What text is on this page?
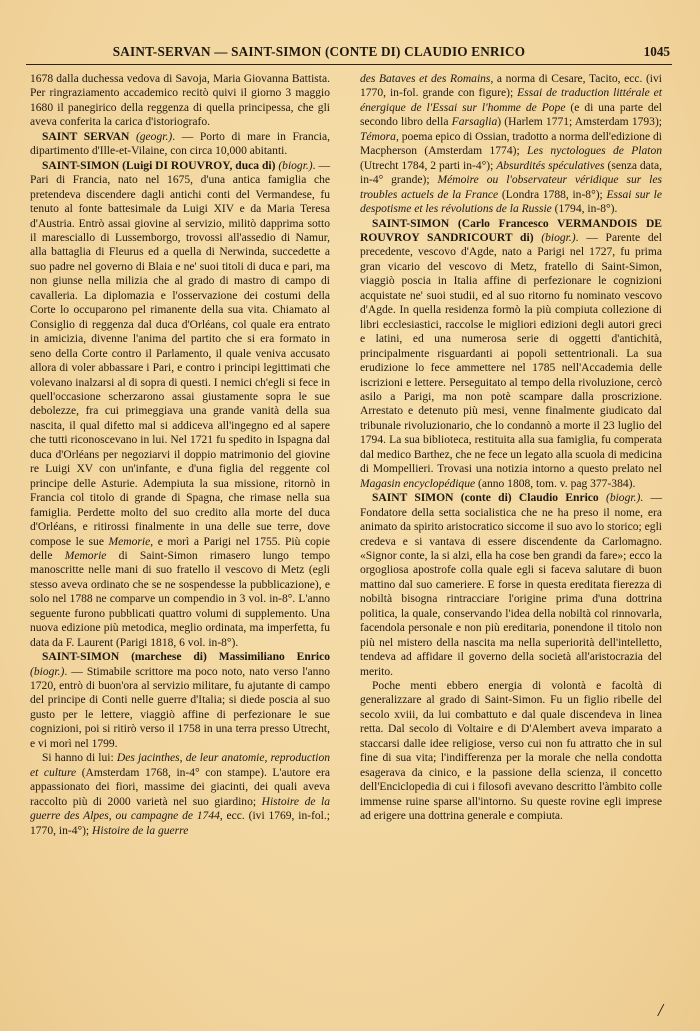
SAINT-SERVAN — SAINT-SIMON (CONTE DI) CLAUDIO ENRICO	1045

1678 dalla duchessa vedova di Savoja, Maria Giovanna Battista. Per ringraziamento accademico recitò quivi il giorno 3 maggio 1680 il panegirico della reggenza di quella principessa, che gli aveva conferita la carica d'istoriografo.

SAINT SERVAN (geogr.). — Porto di mare in Francia, dipartimento d'Ille-et-Vilaine, con circa 10,000 abitanti.

SAINT-SIMON (Luigi DI ROUVROY, duca di) (biogr.). — Pari di Francia, nato nel 1675, d'una antica famiglia che pretendeva discendere dagli antichi conti del Vermandese, fu tenuto al fonte battesimale da Luigi XIV e da Maria Teresa d'Austria. Entrò assai giovine al servizio, militò dapprima sotto il maresciallo di Lussemborgo, trovossi all'assedio di Namur, alla battaglia di Fleurus ed a quella di Nerwinda, succedette a suo padre nel governo di Blaia e ne' suoi titoli di duca e pari, ma non giunse nella milizia che al grado di mastro di campo di cavalleria. La diplomazia e l'osservazione dei costumi della Corte lo occuparono pel rimanente della sua vita. Chiamato al Consiglio di reggenza dal duca d'Orléans, col quale era entrato in amicizia, divenne l'anima del partito che si era formato in seno della Corte contro il Parlamento, il quale veniva accusato allora di voler abbassare i Pari, e contro i principi legittimati che volevano inalzarsi al di sopra di questi. I nemici ch'egli si fece in quell'occasione scherzarono assai giustamente sopra le sue debolezze, fra cui primeggiava una grande vanità della sua nascita, il qual difetto mal si addiceva all'ingegno ed al sapere che tutti riconoscevano in lui. Nel 1721 fu spedito in Ispagna dal duca d'Orléans per negoziarvi il doppio matrimonio del giovine re Luigi XV con un'infante, e d'una figlia del reggente col principe delle Asturie. Adempiuta la sua missione, ritornò in Francia col titolo di grande di Spagna, che rimase nella sua famiglia. Perdette molto del suo credito alla morte del duca d'Orléans, e ritirossi finalmente in una delle sue terre, dove compose le sue Memorie, e morì a Parigi nel 1755. Più copie delle Memorie di Saint-Simon rimasero lungo tempo manoscritte nelle mani di suo fratello il vescovo di Metz (egli stesso aveva ordinato che se ne sospendesse la pubblicazione), e solo nel 1788 ne comparve un compendio in 3 vol. in-8°. L'anno seguente furono pubblicati quattro volumi di supplemento. Una nuova edizione più metodica, meglio ordinata, ma imperfetta, fu data da F. Laurent (Parigi 1818, 6 vol. in-8°).

SAINT-SIMON (marchese di) Massimiliano Enrico (biogr.). — Stimabile scrittore ma poco noto, nato verso l'anno 1720, entrò di buon'ora al servizio militare, fu ajutante di campo del principe di Conti nelle guerre d'Italia; si diede poscia al suo gusto per le lettere, viaggiò affine di perfezionare le sue cognizioni, poi si ritirò verso il 1758 in una terra presso Utrecht, e vi morì nel 1799.

Si hanno di lui: Des jacinthes, de leur anatomie, reproduction et culture (Amsterdam 1768, in-4° con stampe). L'autore era appassionato dei fiori, massime dei giacinti, dei quali aveva raccolto più di 2000 varietà nel suo giardino; Histoire de la guerre des Alpes, ou campagne de 1744, ecc. (ivi 1769, in-fol.; 1770, in-4°); Histoire de la guerre

des Bataves et des Romains, a norma di Cesare, Tacito, ecc. (ivi 1770, in-fol. grande con figure); Essai de traduction littérale et énergique de l'Essai sur l'homme de Pope (e di una parte del secondo libro della Farsaglia) (Harlem 1771; Amsterdam 1793); Témora, poema epico di Ossian, tradotto a norma dell'edizione di Macpherson (Amsterdam 1774); Les nyctologues de Platon (Utrecht 1784, 2 parti in-4°); Absurdités spéculatives (senza data, in-4° grande); Mémoire ou l'observateur véridique sur les troubles actuels de la France (Londra 1788, in-8°); Essai sur le despotisme et les révolutions de la Russie (1794, in-8°).

SAINT-SIMON (Carlo Francesco VERMANDOIS DE ROUVROY SANDRICOURT di) (biogr.). — Parente del precedente, vescovo d'Agde, nato a Parigi nel 1727, fu prima gran vicario del vescovo di Metz, fratello di Saint-Simon, viaggiò poscia in Italia affine di perfezionare le cognizioni acquistate ne' suoi studii, ed al suo ritorno fu nominato vescovo d'Agde. In quella residenza formò la più compiuta collezione di libri ecclesiastici, raccolse le migliori edizioni degli autori greci e latini, ed una numerosa serie di oggetti d'antichità, principalmente risguardanti ai popoli settentrionali. La sua erudizione lo fece ammettere nel 1785 nell'Accademia delle iscrizioni e lettere. Perseguitato al tempo della rivoluzione, cercò asilo a Parigi, ma non potè scampare dalla proscrizione. Arrestato e detenuto più mesi, venne finalmente giudicato dal tribunale rivoluzionario, che lo condannò a morte il 23 luglio del 1794. La sua biblioteca, restituita alla sua famiglia, fu comperata dal medico Barthez, che ne fece un legato alla scuola di medicina di Mompellieri. Trovasi una notizia intorno a questo prelato nel Magasin encyclopédique (anno 1808, tom. v. pag 377-384).

SAINT SIMON (conte di) Claudio Enrico (biogr.). — Fondatore della setta socialistica che ne ha preso il nome, era animato da spirito aristocratico siccome il suo avo lo storico; egli credeva e si vantava di essere discendente da Carlomagno. «Signor conte, la si alzi, ella ha cose ben grandi da fare»; ecco la orgogliosa apostrofe colla quale egli si faceva salutare di buon mattino dal suo cameriere. E forse in questa ereditata fierezza di nobiltà bisogna rintracciare l'origine prima d'una dottrina politica, la quale, conservando l'idea della nobiltà col rinnovarla, facendola personale e non più ereditaria, ponendone il titolo non più nel mistero della nascita ma nella superiorità dell'intelletto, tendeva ad affidare il governo della società all'aristocrazia del merito.

Poche menti ebbero energia di volontà e facoltà di generalizzare al grado di Saint-Simon. Fu un figlio ribelle del secolo xviii, da lui combattuto e dal quale discendeva in linea retta. Dal secolo di Voltaire e di D'Alembert aveva imparato a staccarsi dalle idee religiose, verso cui non fu attratto che in sul fine di sua vita; l'indifferenza per la morale che nella condotta esagerava da cinico, e la passione della scienza, il concetto dell'Enciclopedia di cui i filosofi avevano descritto l'àmbito colle immense ruine sparse all'intorno. Su queste rovine egli imprese ad erigere una dottrina generale e compiuta.

/
